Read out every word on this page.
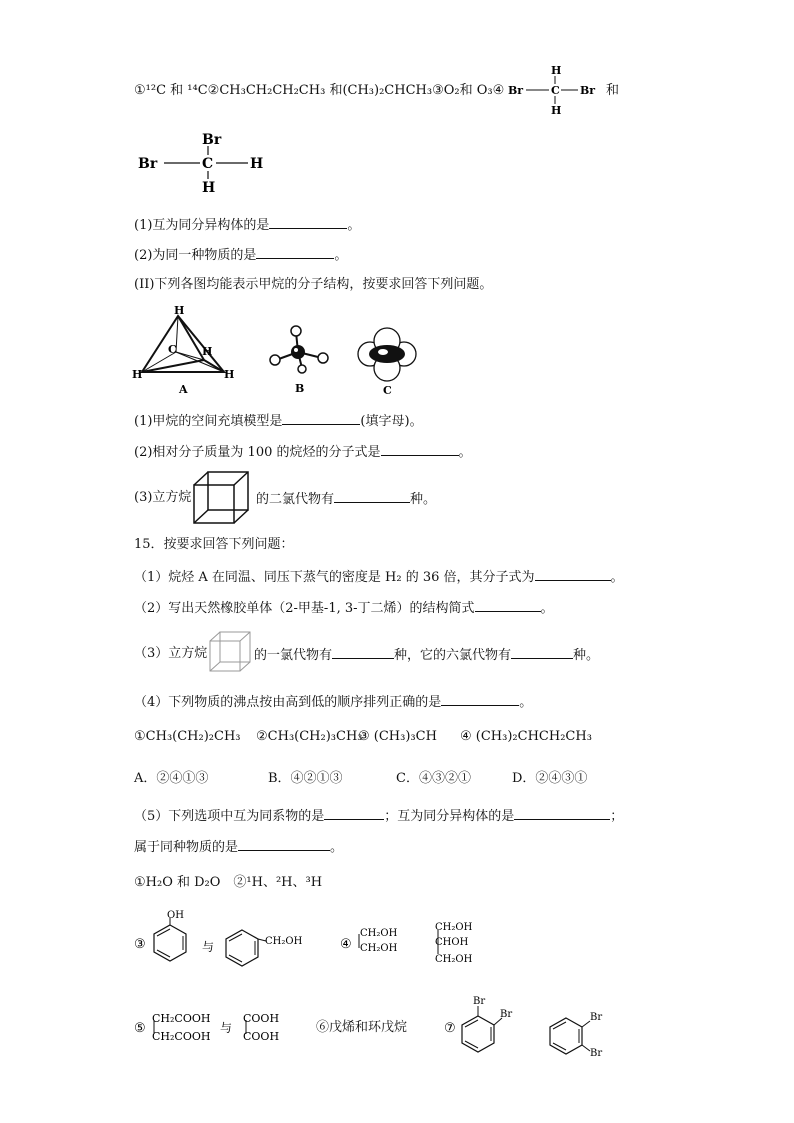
①¹²C 和 ¹⁴C②CH₃CH₂CH₂CH₃ 和(CH₃)₂CHCH₃③O₂和 O₃④
H
Br	C Br
H
和
Br
Br	C	H
H
(1)互为同分异构体的是	。
(2)为同一种物质的是	。
(II)下列各图均能表示甲烷的分子结构，按要求回答下列问题。
H
C H
H	H
A	B	C
(1)甲烷的空间充填模型是	(填字母)。
(2)相对分子质量为 100 的烷烃的分子式是	。
(3)立方烷	的二氯代物有	种。
15．按要求回答下列问题：
（1）烷烃 A 在同温、同压下蒸气的密度是 H₂ 的 36 倍，其分子式为	。
（2）写出天然橡胶单体（2-甲基-1, 3-丁二烯）的结构简式	。
（3）立方烷	的一氯代物有	种，它的六氯代物有	种。
（4）下列物质的沸点按由高到低的顺序排列正确的是	。
①CH₃(CH₂)₂CH₃ ②CH₃(CH₂)₃CH₃
③ (CH₃)₃CH ④ (CH₃)₂CHCH₂CH₃
A．②④①③	B．④②①③	C．④③②①	D．②④③①
（5）下列选项中互为同系物的是	；互为同分异构体的是	；
属于同种物质的是	。
①H₂O 和 D₂O　②¹H、²H、³H
③
OH
与	CH₂OH	④
CH₂OH
CH₂OH
CH₂OH
CHOH
CH₂OH
⑤
CH₂COOH
CH₂COOH
与
COOH
COOH
⑥戊烯和环戊烷	⑦
Br
Br	Br
Br
